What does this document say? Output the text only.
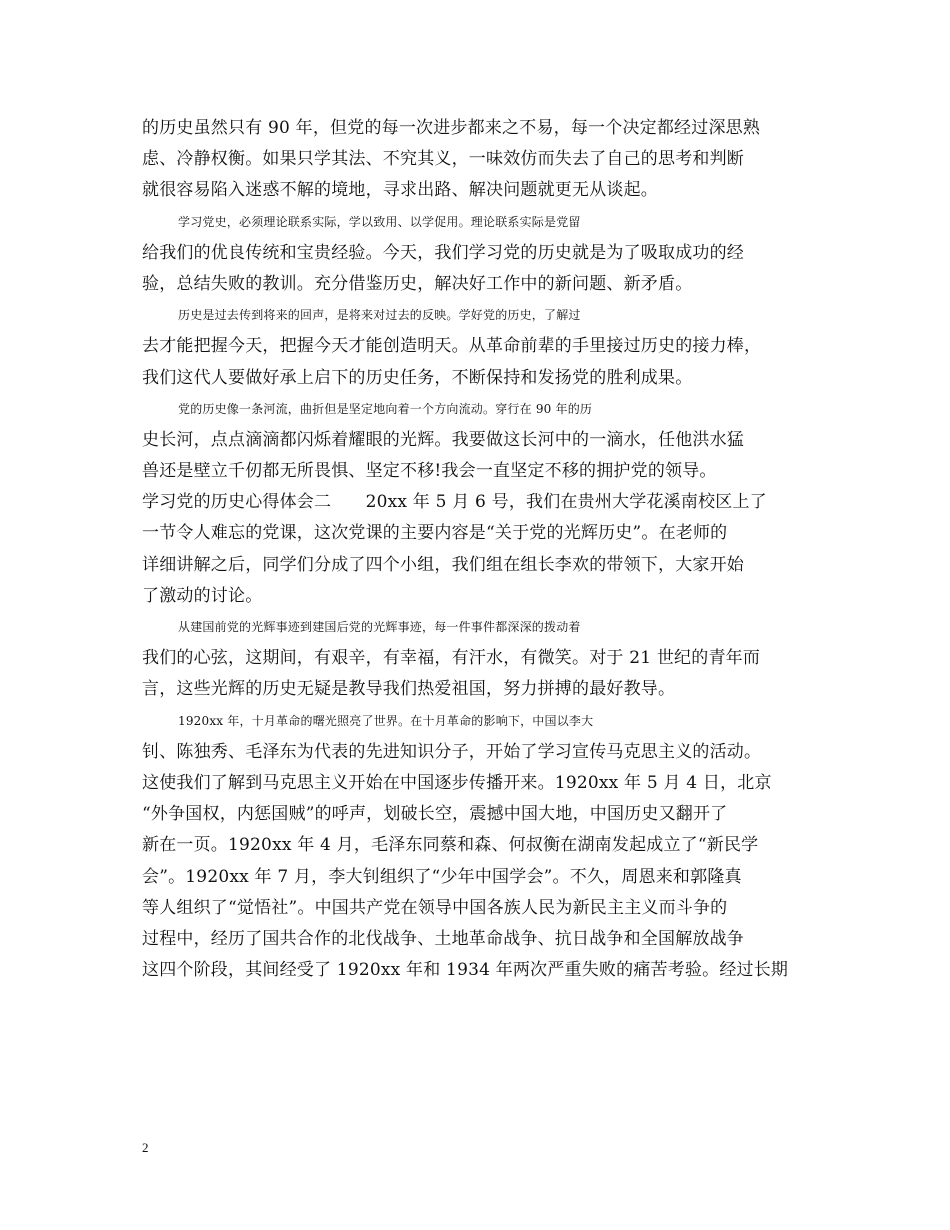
的历史虽然只有 90 年，但党的每一次进步都来之不易，每一个决定都经过深思熟
虑、冷静权衡。如果只学其法、不究其义，一味效仿而失去了自己的思考和判断
就很容易陷入迷惑不解的境地，寻求出路、解决问题就更无从谈起。
学习党史，必须理论联系实际，学以致用、以学促用。理论联系实际是党留
给我们的优良传统和宝贵经验。今天，我们学习党的历史就是为了吸取成功的经
验，总结失败的教训。充分借鉴历史，解决好工作中的新问题、新矛盾。
历史是过去传到将来的回声，是将来对过去的反映。学好党的历史，了解过
去才能把握今天，把握今天才能创造明天。从革命前辈的手里接过历史的接力棒，
我们这代人要做好承上启下的历史任务，不断保持和发扬党的胜利成果。
党的历史像一条河流，曲折但是坚定地向着一个方向流动。穿行在 90 年的历
史长河，点点滴滴都闪烁着耀眼的光辉。我要做这长河中的一滴水，任他洪水猛
兽还是壁立千仞都无所畏惧、坚定不移!我会一直坚定不移的拥护党的领导。
学习党的历史心得体会二　　20xx 年 5 月 6 号，我们在贵州大学花溪南校区上了
一节令人难忘的党课，这次党课的主要内容是“关于党的光辉历史”。在老师的
详细讲解之后，同学们分成了四个小组，我们组在组长李欢的带领下，大家开始
了激动的讨论。
从建国前党的光辉事迹到建国后党的光辉事迹，每一件事件都深深的拨动着
我们的心弦，这期间，有艰辛，有幸福，有汗水，有微笑。对于 21 世纪的青年而
言，这些光辉的历史无疑是教导我们热爱祖国，努力拼搏的最好教导。
1920xx 年，十月革命的曙光照亮了世界。在十月革命的影响下，中国以李大
钊、陈独秀、毛泽东为代表的先进知识分子，开始了学习宣传马克思主义的活动。
这使我们了解到马克思主义开始在中国逐步传播开来。1920xx 年 5 月 4 日，北京
“外争国权，内惩国贼”的呼声，划破长空，震撼中国大地，中国历史又翻开了
新在一页。1920xx 年 4 月，毛泽东同蔡和森、何叔衡在湖南发起成立了“新民学
会”。1920xx 年 7 月，李大钊组织了“少年中国学会”。不久，周恩来和郭隆真
等人组织了“觉悟社”。中国共产党在领导中国各族人民为新民主主义而斗争的
过程中，经历了国共合作的北伐战争、土地革命战争、抗日战争和全国解放战争
这四个阶段，其间经受了 1920xx 年和 1934 年两次严重失败的痛苦考验。经过长期
2
